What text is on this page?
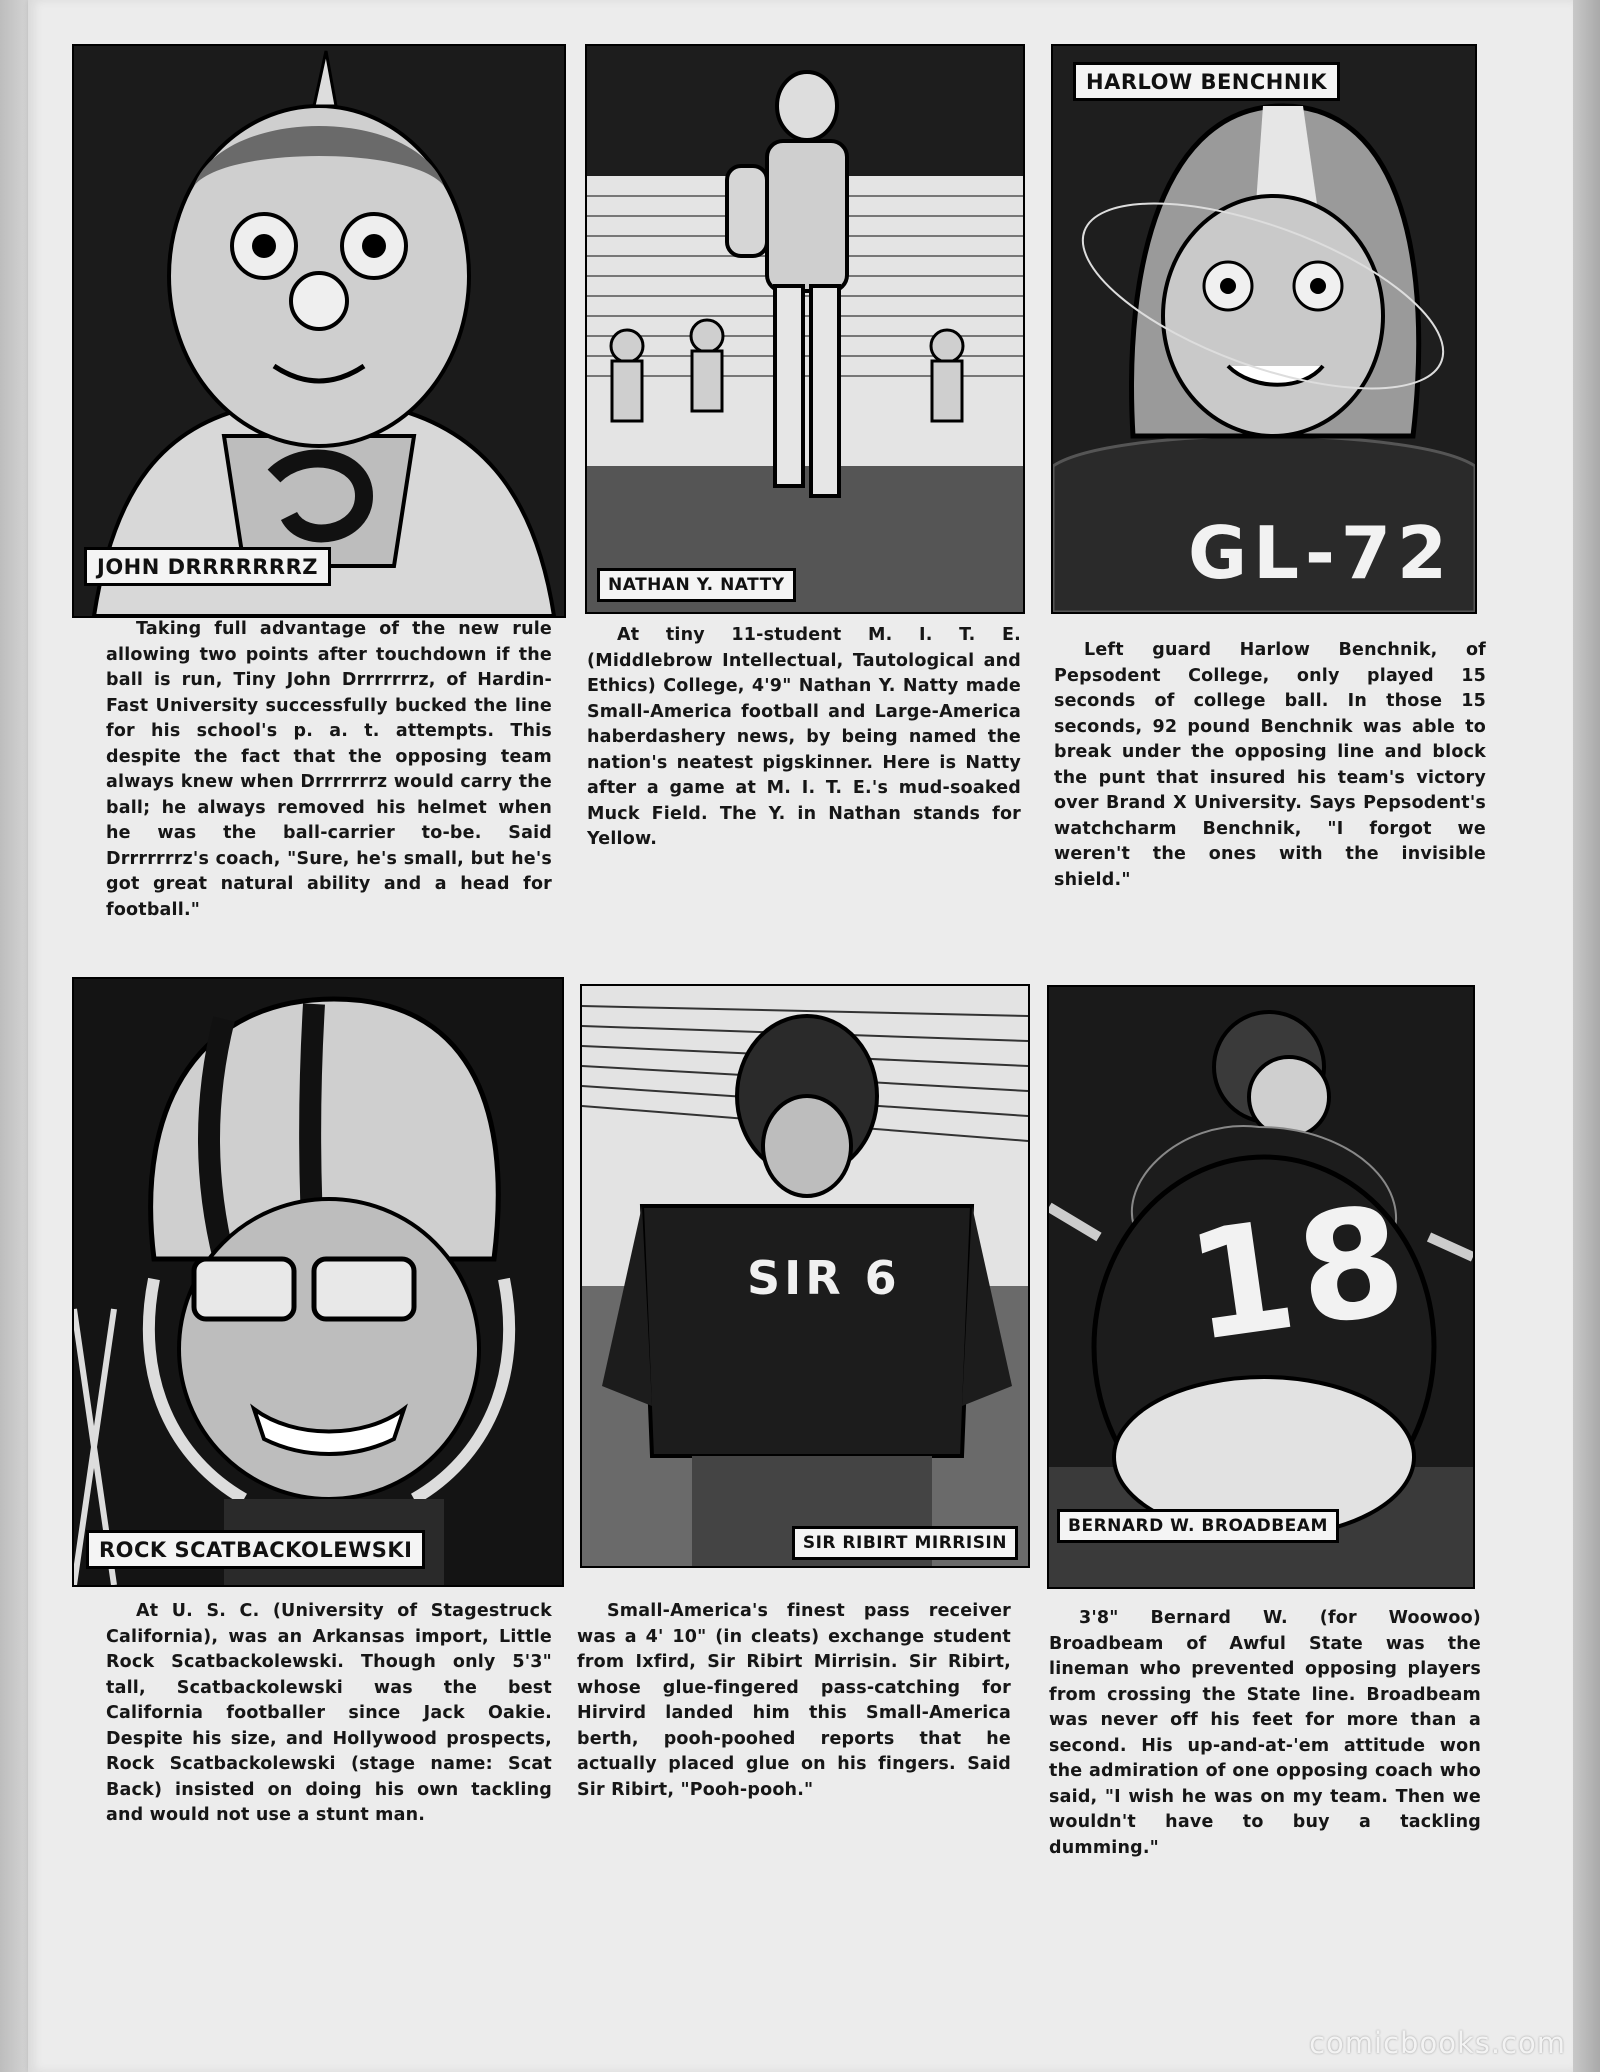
JOHN DRRRRRRRZ
NATHAN Y. NATTY
HARLOW BENCHNIK
GL-72

Taking full advantage of the new rule allowing two points after touchdown if the ball is run, Tiny John Drrrrrrrz, of Hardin-Fast University successfully bucked the line for his school's p. a. t. attempts. This despite the fact that the opposing team always knew when Drrrrrrrz would carry the ball; he always removed his helmet when he was the ball-carrier to-be. Said Drrrrrrrz's coach, "Sure, he's small, but he's got great natural ability and a head for football."

At tiny 11-student M. I. T. E. (Middlebrow Intellectual, Tautological and Ethics) College, 4'9" Nathan Y. Natty made Small-America football and Large-America haberdashery news, by being named the nation's neatest pigskinner. Here is Natty after a game at M. I. T. E.'s mud-soaked Muck Field. The Y. in Nathan stands for Yellow.

Left guard Harlow Benchnik, of Pepsodent College, only played 15 seconds of college ball. In those 15 seconds, 92 pound Benchnik was able to break under the opposing line and block the punt that insured his team's victory over Brand X University. Says Pepsodent's watchcharm Benchnik, "I forgot we weren't the ones with the invisible shield."

ROCK SCATBACKOLEWSKI
SIR 6
SIR RIBIRT MIRRISIN
18
BERNARD W. BROADBEAM

At U. S. C. (University of Stagestruck California), was an Arkansas import, Little Rock Scatbackolewski. Though only 5'3" tall, Scatbackolewski was the best California footballer since Jack Oakie. Despite his size, and Hollywood prospects, Rock Scatbackolewski (stage name: Scat Back) insisted on doing his own tackling and would not use a stunt man.

Small-America's finest pass receiver was a 4' 10" (in cleats) exchange student from Ixfird, Sir Ribirt Mirrisin. Sir Ribirt, whose glue-fingered pass-catching for Hirvird landed him this Small-America berth, pooh-poohed reports that he actually placed glue on his fingers. Said Sir Ribirt, "Pooh-pooh."

3'8" Bernard W. (for Woowoo) Broadbeam of Awful State was the lineman who prevented opposing players from crossing the State line. Broadbeam was never off his feet for more than a second. His up-and-at-'em attitude won the admiration of one opposing coach who said, "I wish he was on my team. Then we wouldn't have to buy a tackling dumming."

comicbooks.com
